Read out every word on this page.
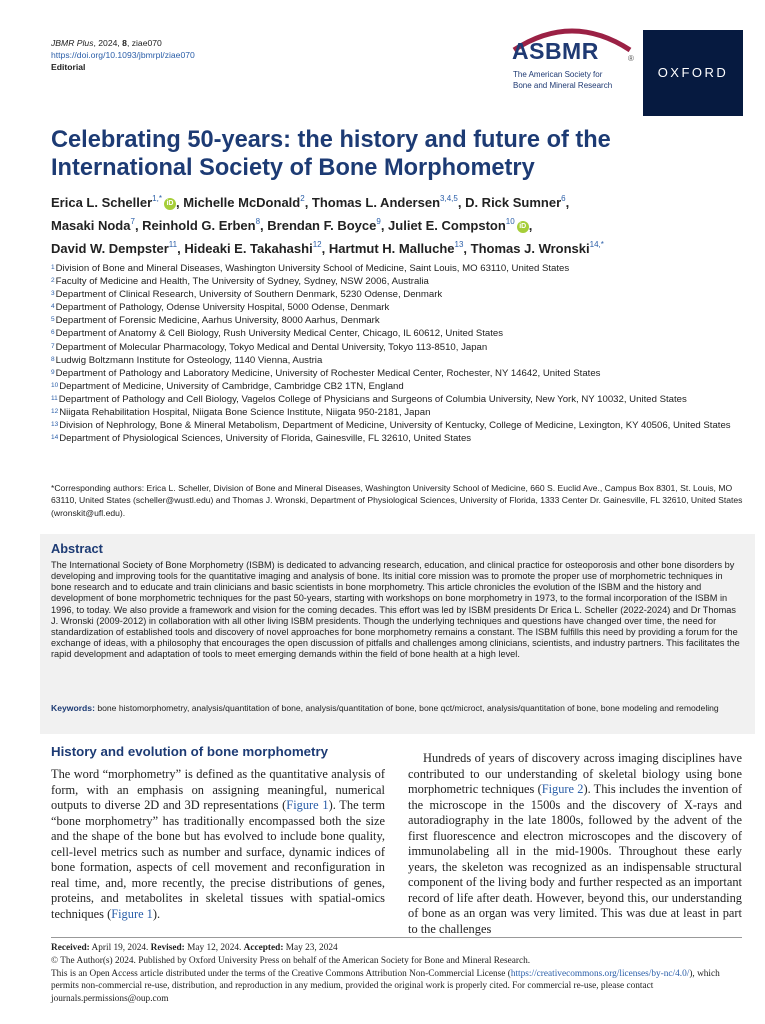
JBMR Plus, 2024, 8, ziae070
https://doi.org/10.1093/jbmrpl/ziae070
Editorial
ASBMR	®
The American Society for
Bone and Mineral Research
OXFORD
Celebrating 50-years: the history and future of the
International Society of Bone Morphometry
Erica L. Scheller$^{1,*}$iD , Michelle McDonald$^2$, Thomas L. Andersen$^{3,4,5}$, D. Rick Sumner$^6$,
Masaki Noda$^7$, Reinhold G. Erben$^8$, Brendan F. Boyce$^9$, Juliet E. Compston$^{10}$iD ,
David W. Dempster$^{11}$, Hideaki E. Takahashi$^{12}$, Hartmut H. Malluche$^{13}$, Thomas J. Wronski$^{14,*}$
$^1$Division of Bone and Mineral Diseases, Washington University School of Medicine, Saint Louis, MO 63110, United States
$^2$Faculty of Medicine and Health, The University of Sydney, Sydney, NSW 2006, Australia
$^3$Department of Clinical Research, University of Southern Denmark, 5230 Odense, Denmark
$^4$Department of Pathology, Odense University Hospital, 5000 Odense, Denmark
$^5$Department of Forensic Medicine, Aarhus University, 8000 Aarhus, Denmark
$^6$Department of Anatomy & Cell Biology, Rush University Medical Center, Chicago, IL 60612, United States
$^7$Department of Molecular Pharmacology, Tokyo Medical and Dental University, Tokyo 113-8510, Japan
$^8$Ludwig Boltzmann Institute for Osteology, 1140 Vienna, Austria
$^9$Department of Pathology and Laboratory Medicine, University of Rochester Medical Center, Rochester, NY 14642, United States
$^{10}$Department of Medicine, University of Cambridge, Cambridge CB2 1TN, England
$^{11}$Department of Pathology and Cell Biology, Vagelos College of Physicians and Surgeons of Columbia University, New York, NY 10032, United States
$^{12}$Niigata Rehabilitation Hospital, Niigata Bone Science Institute, Niigata 950-2181, Japan
$^{13}$Division of Nephrology, Bone & Mineral Metabolism, Department of Medicine, University of Kentucky, College of Medicine, Lexington, KY 40506, United States
$^{14}$Department of Physiological Sciences, University of Florida, Gainesville, FL 32610, United States
*Corresponding authors: Erica L. Scheller, Division of Bone and Mineral Diseases, Washington University School of Medicine, 660 S. Euclid Ave., Campus Box 8301, St. Louis, MO 63110, United States (scheller@wustl.edu) and Thomas J. Wronski, Department of Physiological Sciences, University of Florida, 1333 Center Dr. Gainesville, FL 32610, United States (wronskit@ufl.edu).
Abstract
The International Society of Bone Morphometry (ISBM) is dedicated to advancing research, education, and clinical practice for osteoporosis and other bone disorders by developing and improving tools for the quantitative imaging and analysis of bone. Its initial core mission was to promote the proper use of morphometric techniques in bone research and to educate and train clinicians and basic scientists in bone morphometry. This article chronicles the evolution of the ISBM and the history and development of bone morphometric techniques for the past 50-years, starting with workshops on bone morphometry in 1973, to the formal incorporation of the ISBM in 1996, to today. We also provide a framework and vision for the coming decades. This effort was led by ISBM presidents Dr Erica L. Scheller (2022-2024) and Dr Thomas J. Wronski (2009-2012) in collaboration with all other living ISBM presidents. Though the underlying techniques and questions have changed over time, the need for standardization of established tools and discovery of novel approaches for bone morphometry remains a constant. The ISBM fulfills this need by providing a forum for the exchange of ideas, with a philosophy that encourages the open discussion of pitfalls and challenges among clinicians, scientists, and industry partners. This facilitates the rapid development and adaptation of tools to meet emerging demands within the field of bone health at a high level.
Keywords: bone histomorphometry, analysis/quantitation of bone, analysis/quantitation of bone, bone qct/microct, analysis/quantitation of bone, bone modeling and remodeling
History and evolution of bone morphometry
The word “morphometry” is defined as the quantitative analysis of form, with an emphasis on assigning meaningful, numerical outputs to diverse 2D and 3D representations (Figure 1). The term “bone morphometry” has traditionally encompassed both the size and the shape of the bone but has evolved to include bone quality, cell-level metrics such as number and surface, dynamic indices of bone formation, aspects of cell movement and reconfiguration in real time, and, more recently, the precise distributions of genes, proteins, and metabolites in skeletal tissues with spatial-omics techniques (Figure 1).
Hundreds of years of discovery across imaging disciplines have contributed to our understanding of skeletal biology using bone morphometric techniques (Figure 2). This includes the invention of the microscope in the 1500s and the discovery of X-rays and autoradiography in the late 1800s, followed by the advent of the first fluorescence and electron microscopes and the discovery of immunolabeling all in the mid-1900s. Throughout these early years, the skeleton was recognized as an indispensable structural component of the living body and further respected as an important record of life after death. However, beyond this, our understanding of bone as an organ was very limited. This was due at least in part to the challenges
Received: April 19, 2024. Revised: May 12, 2024. Accepted: May 23, 2024
© The Author(s) 2024. Published by Oxford University Press on behalf of the American Society for Bone and Mineral Research.
This is an Open Access article distributed under the terms of the Creative Commons Attribution Non-Commercial License (https://creativecommons.org/licenses/by-nc/4.0/), which permits non-commercial re-use, distribution, and reproduction in any medium, provided the original work is properly cited. For commercial re-use, please contact journals.permissions@oup.com
